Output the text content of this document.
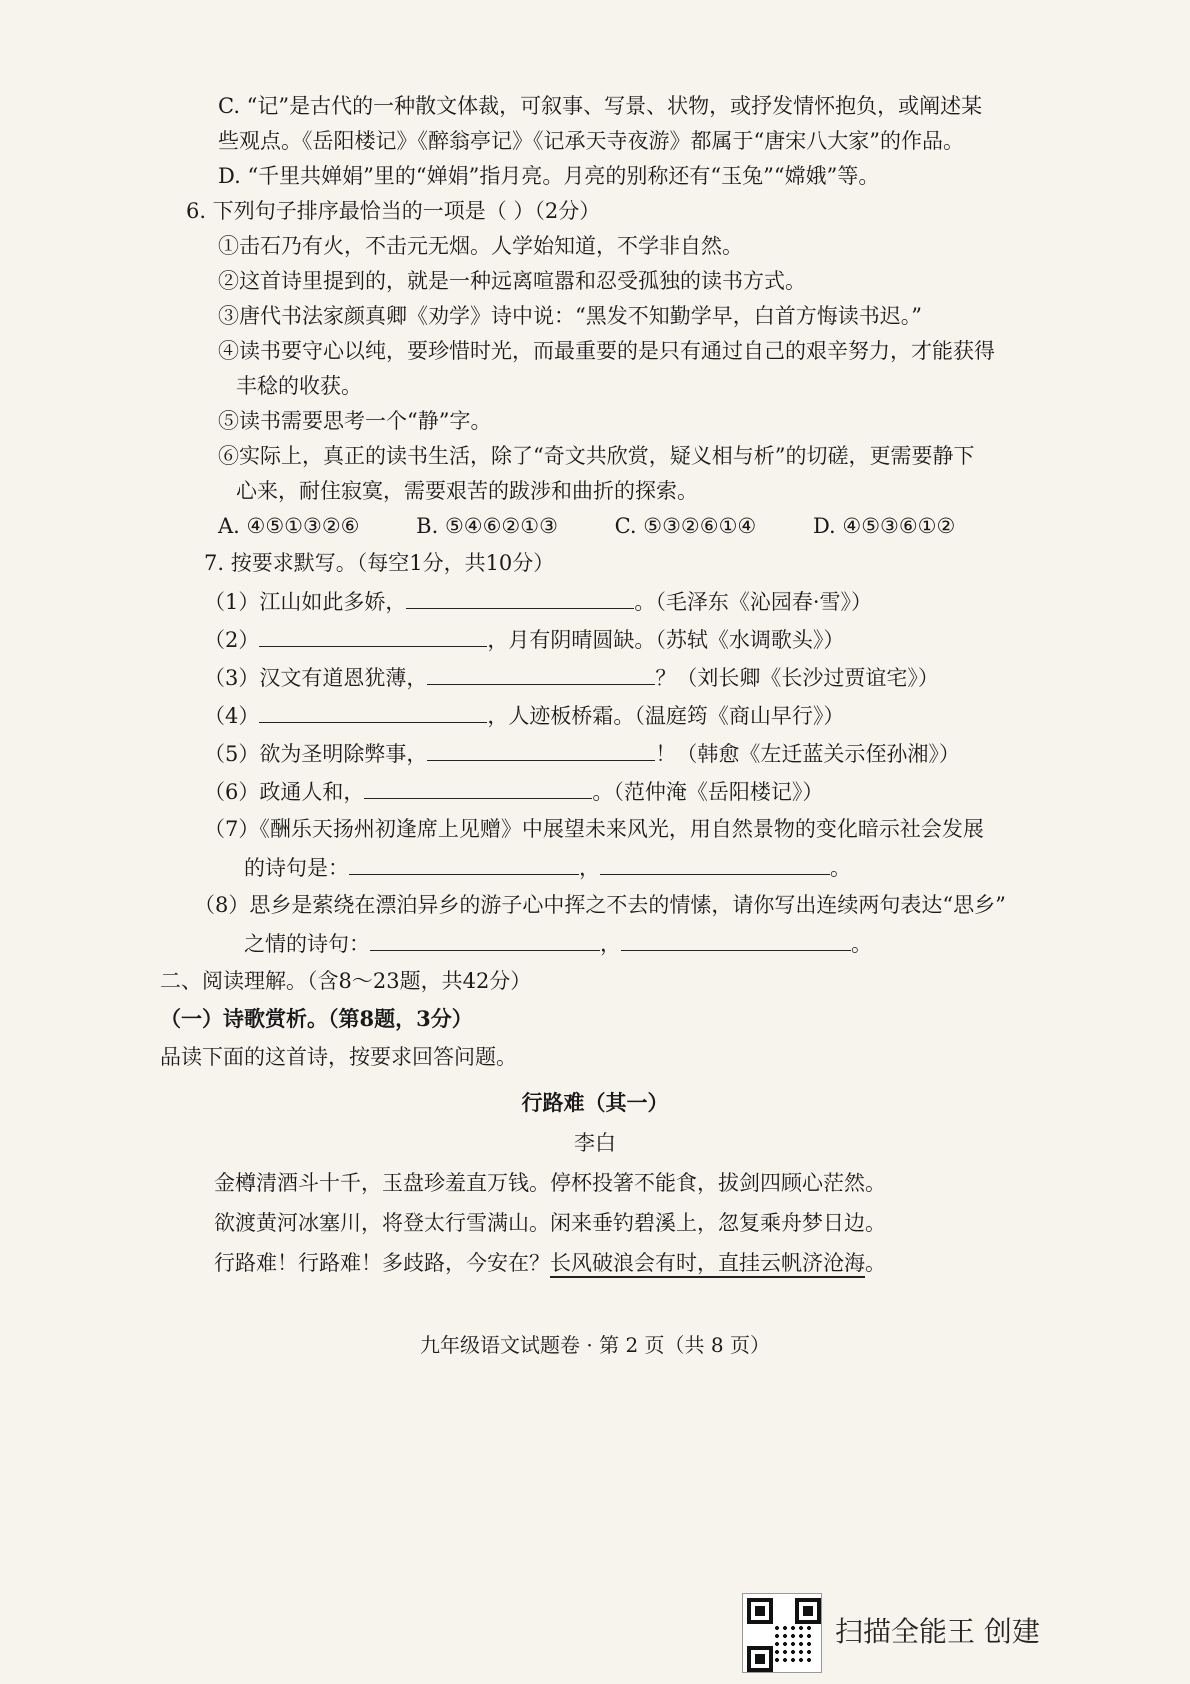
C. “记”是古代的一种散文体裁，可叙事、写景、状物，或抒发情怀抱负，或阐述某
些观点。《岳阳楼记》《醉翁亭记》《记承天寺夜游》都属于“唐宋八大家”的作品。
D. “千里共婵娟”里的“婵娟”指月亮。月亮的别称还有“玉兔”“嫦娥”等。
6. 下列句子排序最恰当的一项是（ ）（2分）
①击石乃有火，不击元无烟。人学始知道，不学非自然。
②这首诗里提到的，就是一种远离喧嚣和忍受孤独的读书方式。
③唐代书法家颜真卿《劝学》诗中说：“黑发不知勤学早，白首方悔读书迟。”
④读书要守心以纯，要珍惜时光，而最重要的是只有通过自己的艰辛努力，才能获得
丰稔的收获。
⑤读书需要思考一个“静”字。
⑥实际上，真正的读书生活，除了“奇文共欣赏，疑义相与析”的切磋，更需要静下
心来，耐住寂寞，需要艰苦的跋涉和曲折的探索。
A. ④⑤①③②⑥	B. ⑤④⑥②①③	C. ⑤③②⑥①④	D. ④⑤③⑥①②
7. 按要求默写。（每空1分，共10分）
（1）江山如此多娇，	。（毛泽东《沁园春·雪》）
（2）	，月有阴晴圆缺。（苏轼《水调歌头》）
（3）汉文有道恩犹薄，	？（刘长卿《长沙过贾谊宅》）
（4）	，人迹板桥霜。（温庭筠《商山早行》）
（5）欲为圣明除弊事，	！（韩愈《左迁蓝关示侄孙湘》）
（6）政通人和，	。（范仲淹《岳阳楼记》）
（7）《酬乐天扬州初逢席上见赠》中展望未来风光，用自然景物的变化暗示社会发展
的诗句是：	，	。
（8）思乡是萦绕在漂泊异乡的游子心中挥之不去的情愫，请你写出连续两句表达“思乡”
之情的诗句：	，	。
二、阅读理解。（含8～23题，共42分）
（一）诗歌赏析。（第8题，3分）
品读下面的这首诗，按要求回答问题。
行路难（其一）
李白
金樽清酒斗十千，玉盘珍羞直万钱。停杯投箸不能食，拔剑四顾心茫然。
欲渡黄河冰塞川，将登太行雪满山。闲来垂钓碧溪上，忽复乘舟梦日边。
行路难！行路难！多歧路，今安在？长风破浪会有时，直挂云帆济沧海。
九年级语文试题卷 · 第 2 页（共 8 页）
扫描全能王 创建
